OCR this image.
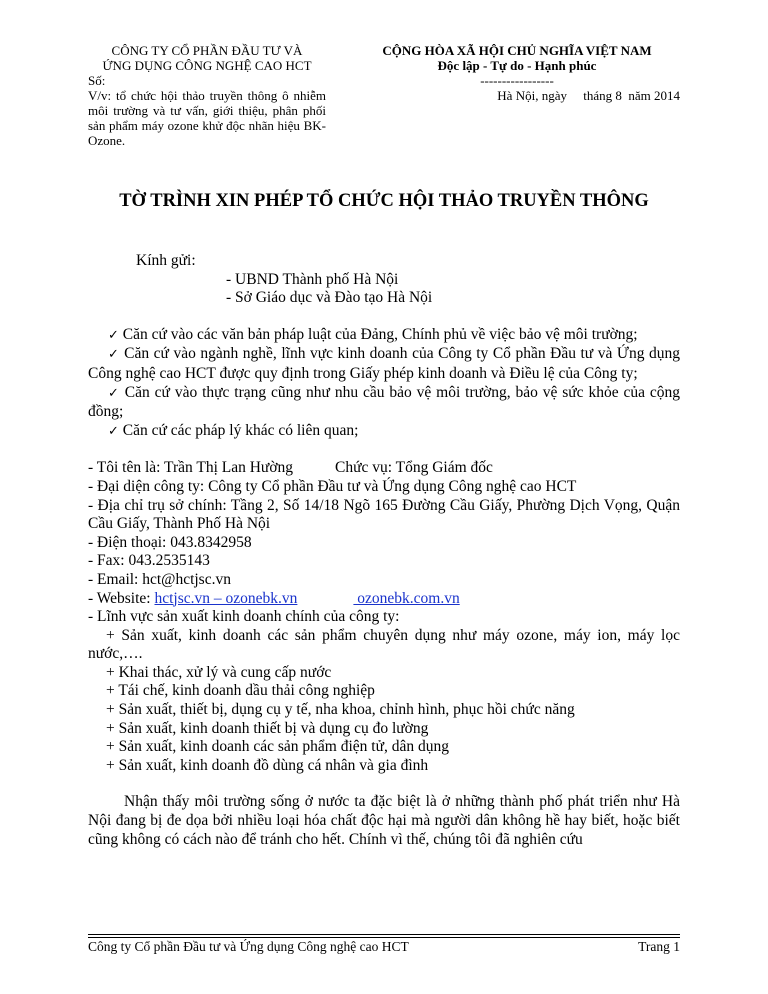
CÔNG TY CỔ PHẦN ĐẦU TƯ VÀ
ỨNG DỤNG CÔNG NGHỆ CAO HCT
Số:
V/v: tổ chức hội thảo truyền thông ô nhiễm môi trường và tư vấn, giới thiệu, phân phối sản phẩm máy ozone khử độc nhãn hiệu BK-Ozone.
CỘNG HÒA XÃ HỘI CHỦ NGHĨA VIỆT NAM
Độc lập - Tự do - Hạnh phúc
-----------------
Hà Nội, ngày     tháng 8  năm 2014
TỜ TRÌNH XIN PHÉP TỔ CHỨC HỘI THẢO TRUYỀN THÔNG

Kính gửi:

- UBND Thành phố Hà Nội

- Sở Giáo dục và Đào tạo Hà Nội

✓ Căn cứ vào các văn bản pháp luật của Đảng, Chính phủ về việc bảo vệ môi trường;

✓ Căn cứ vào ngành nghề, lĩnh vực kinh doanh của Công ty Cổ phần Đầu tư và Ứng dụng Công nghệ cao HCT được quy định trong Giấy phép kinh doanh và Điều lệ của Công ty;

✓ Căn cứ vào thực trạng cũng như nhu cầu bảo vệ môi trường, bảo vệ sức khỏe của cộng đồng;

✓ Căn cứ các pháp lý khác có liên quan;

- Tôi tên là: Trần Thị Lan Hường	Chức vụ: Tổng Giám đốc

- Đại diện công ty: Công ty Cổ phần Đầu tư và Ứng dụng Công nghệ cao HCT

- Địa chỉ trụ sở chính: Tầng 2, Số 14/18 Ngõ 165 Đường Cầu Giấy, Phường Dịch Vọng, Quận Cầu Giấy, Thành Phố Hà Nội

- Điện thoại: 043.8342958

- Fax: 043.2535143

- Email: hct@hctjsc.vn

- Website: hctjsc.vn – ozonebk.vn	ozonebk.com.vn

- Lĩnh vực sản xuất kinh doanh chính của công ty:

+ Sản xuất, kinh doanh các sản phẩm chuyên dụng như máy ozone, máy ion, máy lọc nước,….

+ Khai thác, xử lý và cung cấp nước

+ Tái chế, kinh doanh dầu thải công nghiệp

+ Sản xuất, thiết bị, dụng cụ y tế, nha khoa, chỉnh hình, phục hồi chức năng

+ Sản xuất, kinh doanh thiết bị và dụng cụ đo lường

+ Sản xuất, kinh doanh các sản phẩm điện tử, dân dụng

+ Sản xuất, kinh doanh đồ dùng cá nhân và gia đình

Nhận thấy môi trường sống ở nước ta đặc biệt là ở những thành phố phát triển như Hà Nội đang bị đe dọa bởi nhiều loại hóa chất độc hại mà người dân không hề hay biết, hoặc biết cũng không có cách nào để tránh cho hết. Chính vì thế, chúng tôi đã nghiên cứu

Công ty Cổ phần Đầu tư và Ứng dụng Công nghệ cao HCT	Trang 1
